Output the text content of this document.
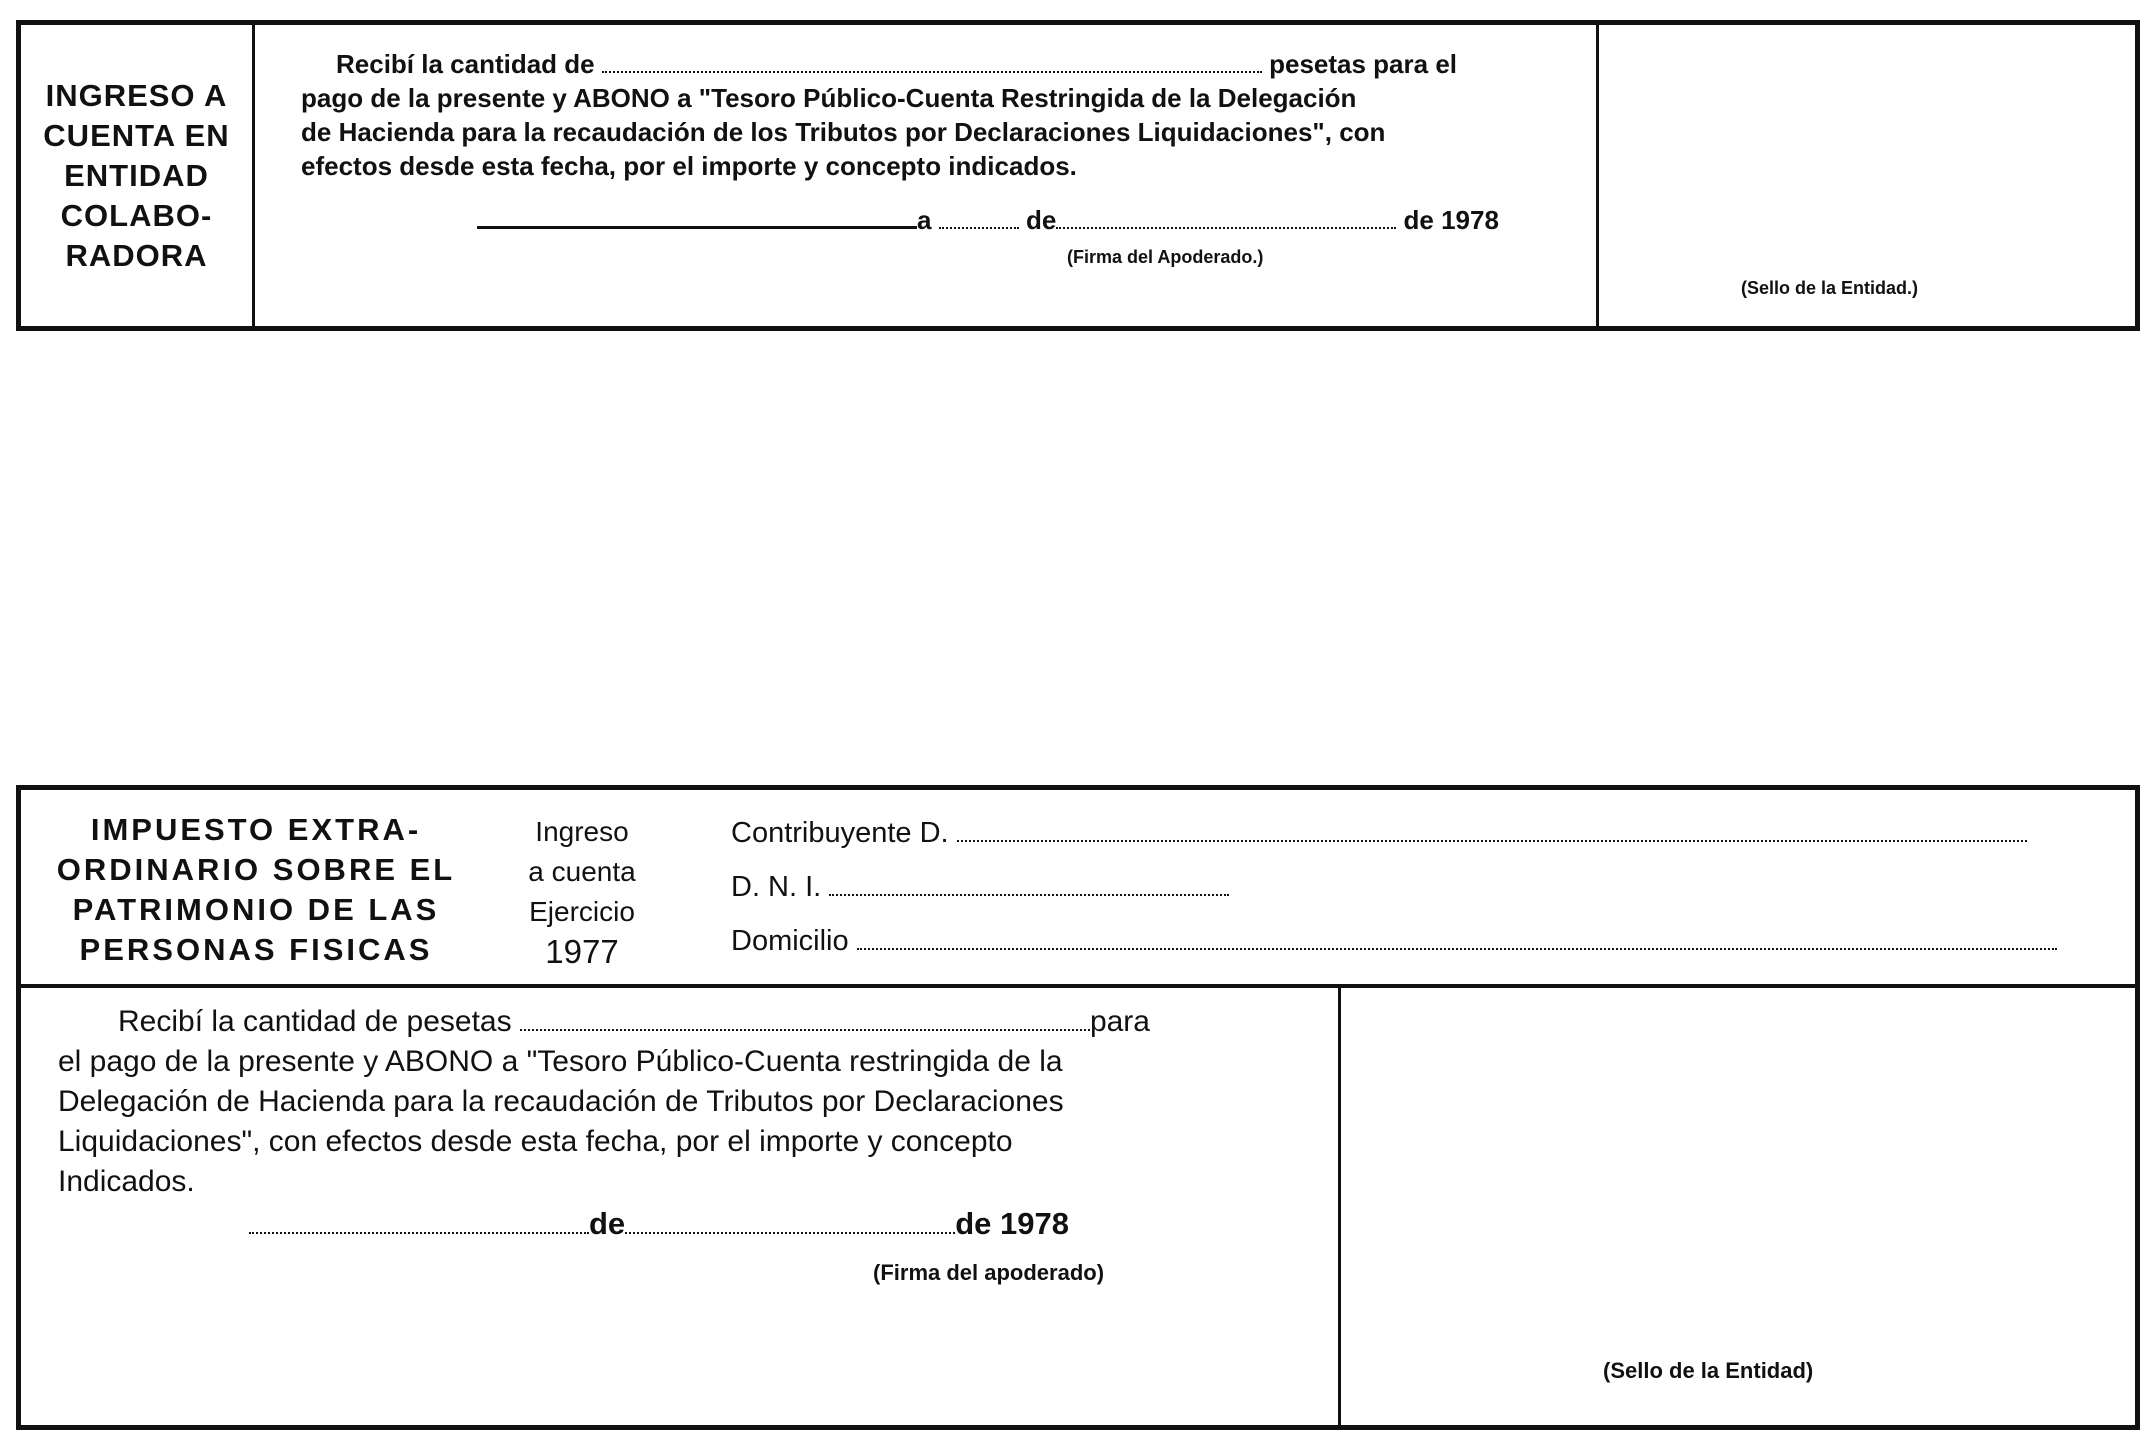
INGRESO A
CUENTA EN
ENTIDAD
COLABO-
RADORA
Recibí la cantidad de	pesetas para el
pago de la presente y ABONO a "Tesoro Público-Cuenta Restringida de la Delegación
de Hacienda para la recaudación de los Tributos por Declaraciones Liquidaciones", con
efectos desde esta fecha, por el importe y concepto indicados.
a	de	de 1978
(Firma del Apoderado.)
(Sello de la Entidad.)
IMPUESTO EXTRA-
ORDINARIO SOBRE EL
PATRIMONIO DE LAS
PERSONAS FISICAS
Ingreso
a cuenta
Ejercicio
1977
Contribuyente D.
D. N. I.
Domicilio
Recibí la cantidad de pesetas	para
el pago de la presente y ABONO a "Tesoro Público-Cuenta restringida de la
Delegación de Hacienda para la recaudación de Tributos por Declaraciones
Liquidaciones", con efectos desde esta fecha, por el importe y concepto
Indicados.
de	de 1978
(Firma del apoderado)
(Sello de la Entidad)
